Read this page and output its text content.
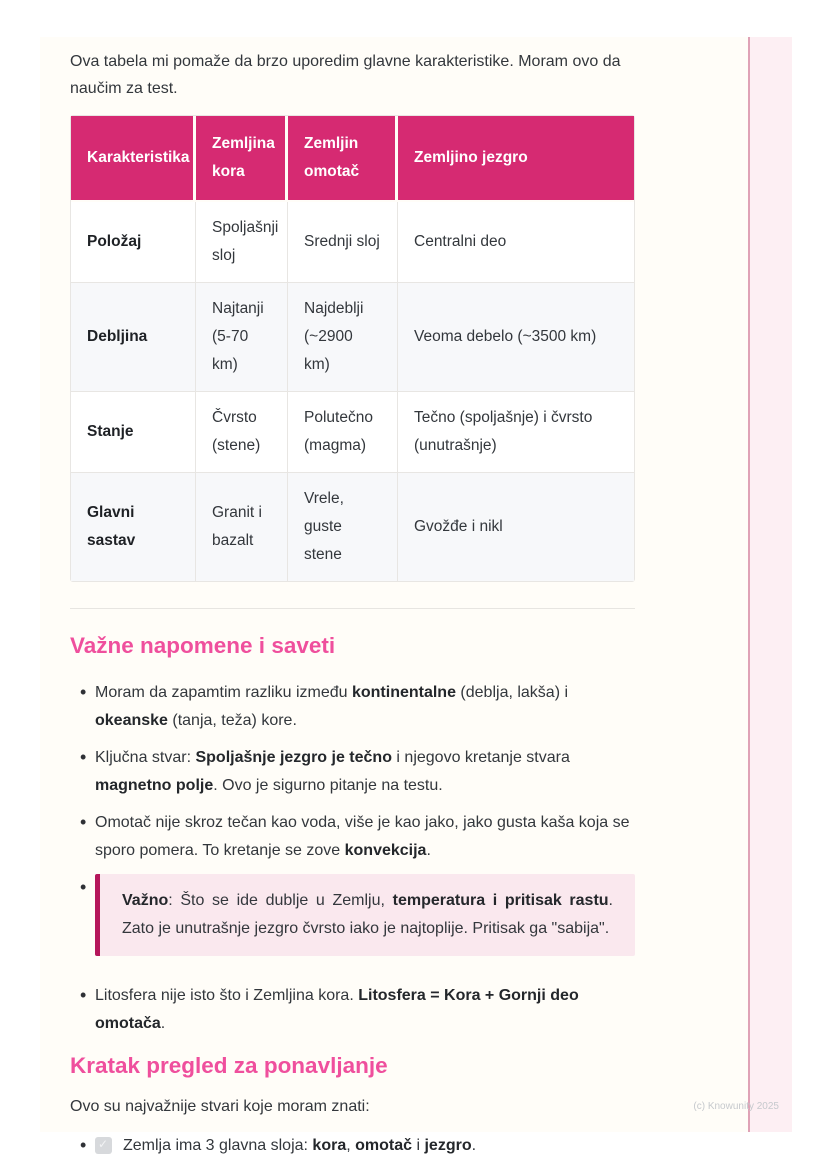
Ova tabela mi pomaže da brzo uporedim glavne karakteristike. Moram ovo da naučim za test.

Karakteristika	Zemljina kora	Zemljin omotač	Zemljino jezgro
Položaj	Spoljašnji sloj	Srednji sloj	Centralni deo
Debljina	Najtanji (5-70 km)	Najdeblji (~2900 km)	Veoma debelo (~3500 km)
Stanje	Čvrsto (stene)	Polutečno (magma)	Tečno (spoljašnje) i čvrsto (unutrašnje)
Glavni sastav	Granit i bazalt	Vrele, guste stene	Gvožđe i nikl
Važne napomene i saveti
•
Moram da zapamtim razliku između kontinentalne (deblja, lakša) i okeanske (tanja, teža) kore.
•
Ključna stvar: Spoljašnje jezgro je tečno i njegovo kretanje stvara magnetno polje. Ovo je sigurno pitanje na testu.
•
Omotač nije skroz tečan kao voda, više je kao jako, jako gusta kaša koja se sporo pomera. To kretanje se zove konvekcija.
•

Važno: Što se ide dublje u Zemlju, temperatura i pritisak rastu. Zato je unutrašnje jezgro čvrsto iako je najtoplije. Pritisak ga "sabija".

•
Litosfera nije isto što i Zemljina kora. Litosfera = Kora + Gornji deo omotača.
Kratak pregled za ponavljanje

Ovo su najvažnije stvari koje moram znati:

•
✓
Zemlja ima 3 glavna sloja: kora, omotač i jezgro.
(c) Knowunity 2025
